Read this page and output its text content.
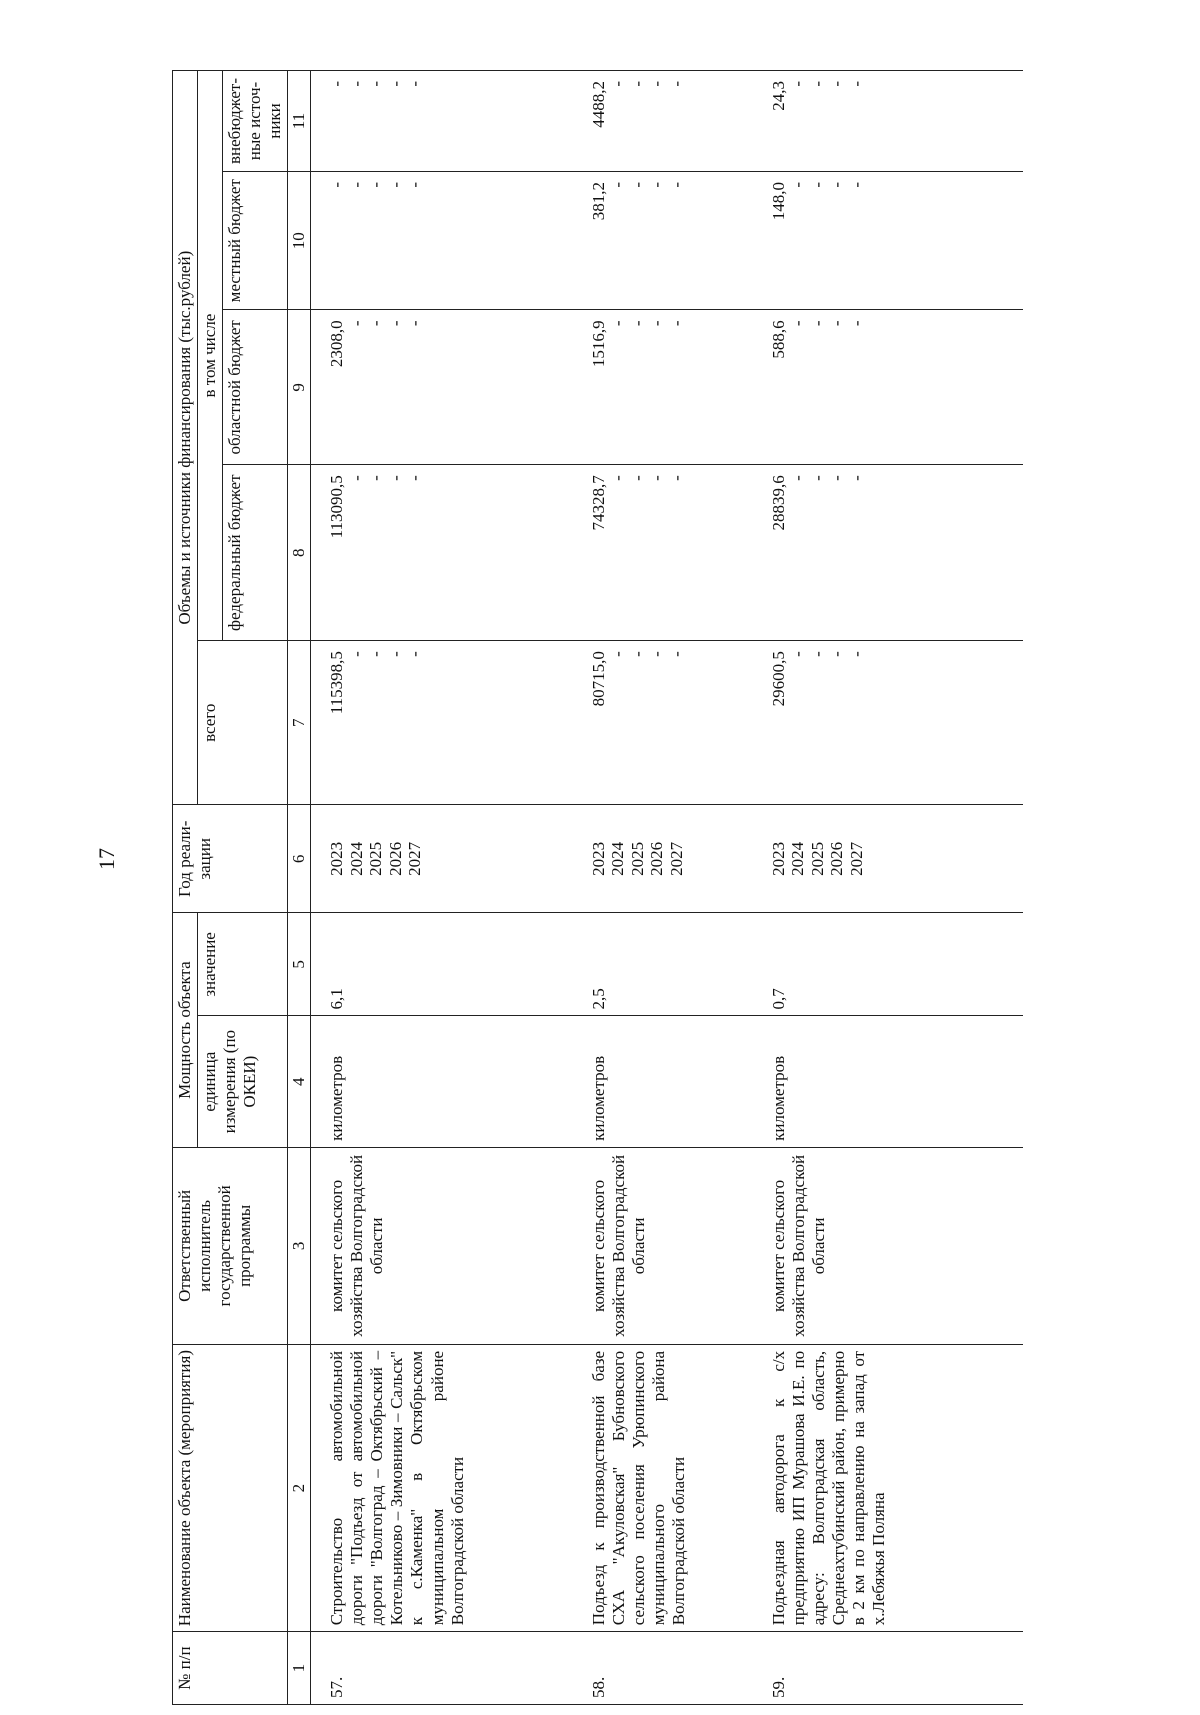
17
№ п/п	Наименование объекта (мероприятия)	Ответственный исполнитель государственной программы	Мощность объекта		Год реали-зации	Объемы и источники финансирования (тыс.рублей)				
			единица измерения (по ОКЕИ)	значение		всего	в том числе			
							федеральный бюджет	областной бюджет	местный бюджет	внебюджет-ные источ-ники
1	2	3	4	5	6	7	8	9	10	11
57.	Строительство автомобильной дороги "Подъезд от автомобильной дороги "Волгоград – Октябрьский – Котельниково – Зимовники – Сальск" к с.Каменка" в Октябрьском муниципальном районе Волгоградской области	комитет сельского хозяйства Волгоградской области	километров	6,1	2023 2024 2025 2026 2027	115398,5 - - - -	113090,5 - - - -	2308,0 - - - -	- - - - -	- - - - -

58.	Подъезд к производственной базе СХА "Акуловская" Бубновского сельского поселения Урюпинского муниципального района Волгоградской области	комитет сельского хозяйства Волгоградской области	километров	2,5	2023 2024 2025 2026 2027	80715,0 - - - -	74328,7 - - - -	1516,9 - - - -	381,2 - - - -	4488,2 - - - -

59.	Подъездная автодорога к с/х предприятию ИП Мурашова И.Е. по адресу: Волгоградская область, Среднеахтубинский район, примерно в 2 км по направлению на запад от х.Лебяжья Поляна	комитет сельского хозяйства Волгоградской области	километров	0,7	2023 2024 2025 2026 2027	29600,5 - - - -	28839,6 - - - -	588,6 - - - -	148,0 - - - -	24,3 - - - -
